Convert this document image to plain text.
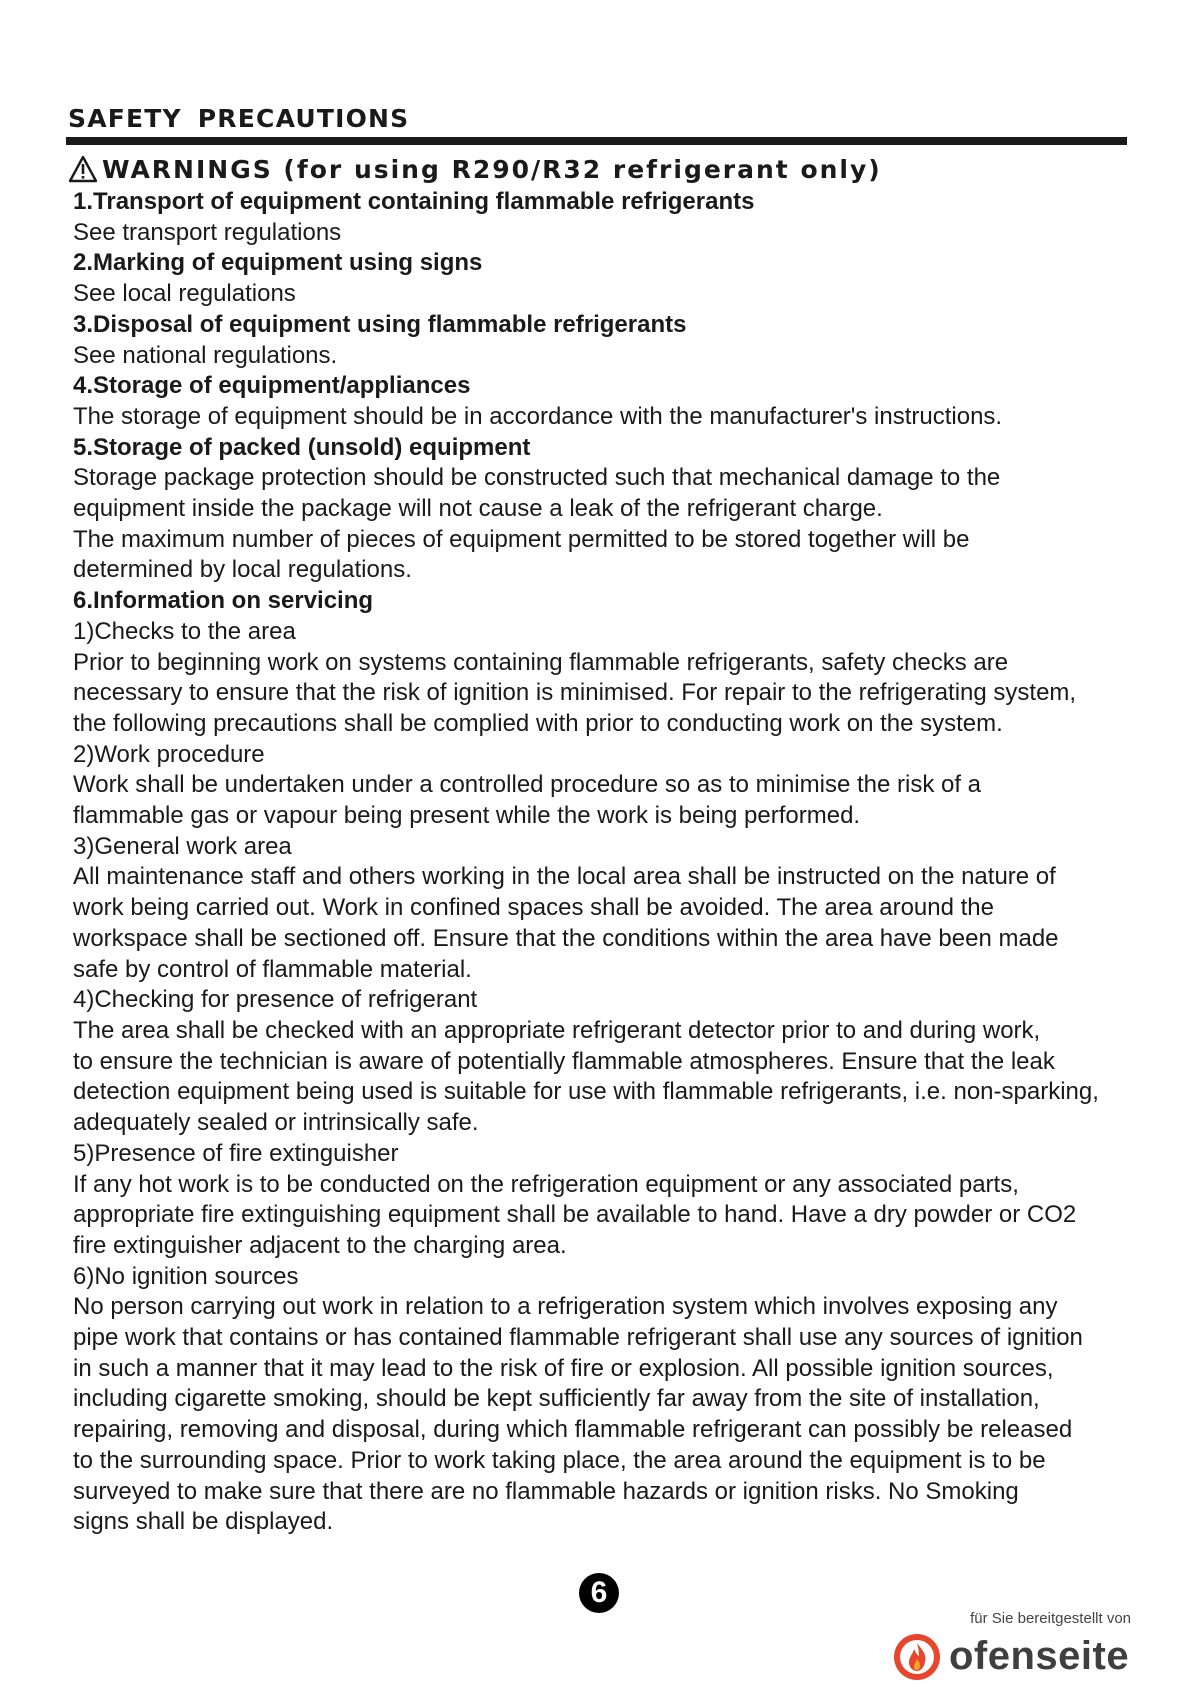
SAFETY PRECAUTIONS
WARNINGS (for using R290/R32 refrigerant only)
1.Transport of equipment containing flammable refrigerants
See transport regulations
2.Marking of equipment using signs
See local regulations
3.Disposal of equipment using flammable refrigerants
See national regulations.
4.Storage of equipment/appliances
The storage of equipment should be in accordance with the manufacturer's instructions.
5.Storage of packed (unsold) equipment
Storage package protection should be constructed such that mechanical damage to the
equipment inside the package will not cause a leak of the refrigerant charge.
The maximum number of pieces of equipment permitted to be stored together will be
determined by local regulations.
6.Information on servicing
1)Checks to the area
Prior to beginning work on systems containing flammable refrigerants, safety checks are
necessary to ensure that the risk of ignition is minimised. For repair to the refrigerating system,
the following precautions shall be complied with prior to conducting work on the system.
2)Work procedure
Work shall be undertaken under a controlled procedure so as to minimise the risk of a
flammable gas or vapour being present while the work is being performed.
3)General work area
All maintenance staff and others working in the local area shall be instructed on the nature of
work being carried out. Work in confined spaces shall be avoided. The area around the
workspace shall be sectioned off. Ensure that the conditions within the area have been made
safe by control of flammable material.
4)Checking for presence of refrigerant
The area shall be checked with an appropriate refrigerant detector prior to and during work,
to ensure the technician is aware of potentially flammable atmospheres. Ensure that the leak
detection equipment being used is suitable for use with flammable refrigerants, i.e. non-sparking,
adequately sealed or intrinsically safe.
5)Presence of fire extinguisher
If any hot work is to be conducted on the refrigeration equipment or any associated parts,
appropriate fire extinguishing equipment shall be available to hand. Have a dry powder or CO2
fire extinguisher adjacent to the charging area.
6)No ignition sources
No person carrying out work in relation to a refrigeration system which involves exposing any
pipe work that contains or has contained flammable refrigerant shall use any sources of ignition
in such a manner that it may lead to the risk of fire or explosion. All possible ignition sources,
including cigarette smoking, should be kept sufficiently far away from the site of installation,
repairing, removing and disposal, during which flammable refrigerant can possibly be released
to the surrounding space. Prior to work taking place, the area around the equipment is to be
surveyed to make sure that there are no flammable hazards or ignition risks. No Smoking
signs shall be displayed.
6
für Sie bereitgestellt von
ofenseite
